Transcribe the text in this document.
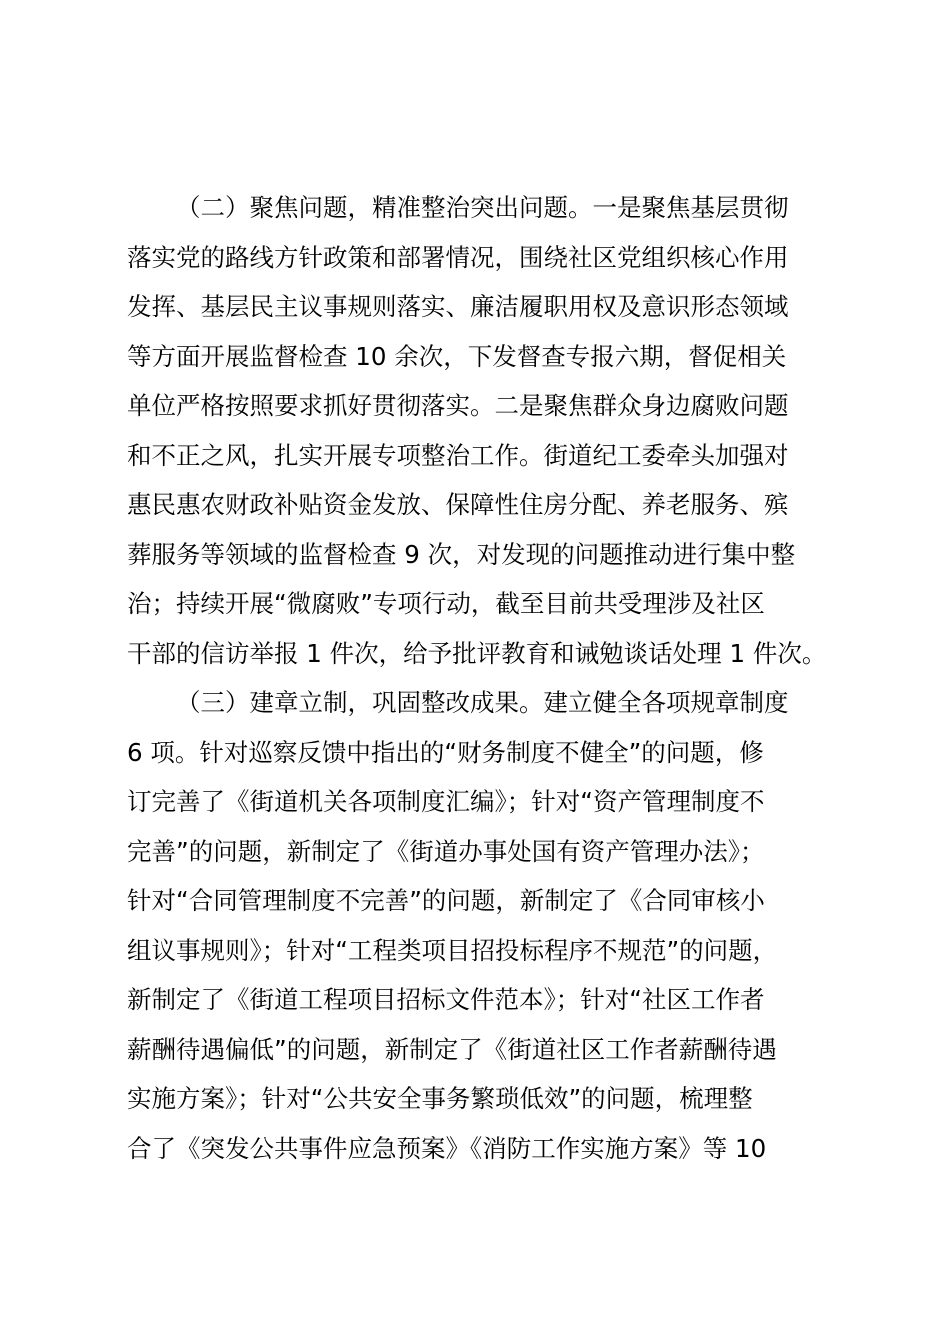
（二）聚焦问题，精准整治突出问题。一是聚焦基层贯彻
落实党的路线方针政策和部署情况，围绕社区党组织核心作用
发挥、基层民主议事规则落实、廉洁履职用权及意识形态领域
等方面开展监督检查 10 余次，下发督查专报六期，督促相关
单位严格按照要求抓好贯彻落实。二是聚焦群众身边腐败问题
和不正之风，扎实开展专项整治工作。街道纪工委牵头加强对
惠民惠农财政补贴资金发放、保障性住房分配、养老服务、殡
葬服务等领域的监督检查 9 次，对发现的问题推动进行集中整
治；持续开展“微腐败”专项行动，截至目前共受理涉及社区
干部的信访举报 1 件次，给予批评教育和诫勉谈话处理 1 件次。
（三）建章立制，巩固整改成果。建立健全各项规章制度
6 项。针对巡察反馈中指出的“财务制度不健全”的问题，修
订完善了《街道机关各项制度汇编》；针对“资产管理制度不
完善”的问题，新制定了《街道办事处国有资产管理办法》；
针对“合同管理制度不完善”的问题，新制定了《合同审核小
组议事规则》；针对“工程类项目招投标程序不规范”的问题，
新制定了《街道工程项目招标文件范本》；针对“社区工作者
薪酬待遇偏低”的问题，新制定了《街道社区工作者薪酬待遇
实施方案》；针对“公共安全事务繁琐低效”的问题，梳理整
合了《突发公共事件应急预案》《消防工作实施方案》等 10
